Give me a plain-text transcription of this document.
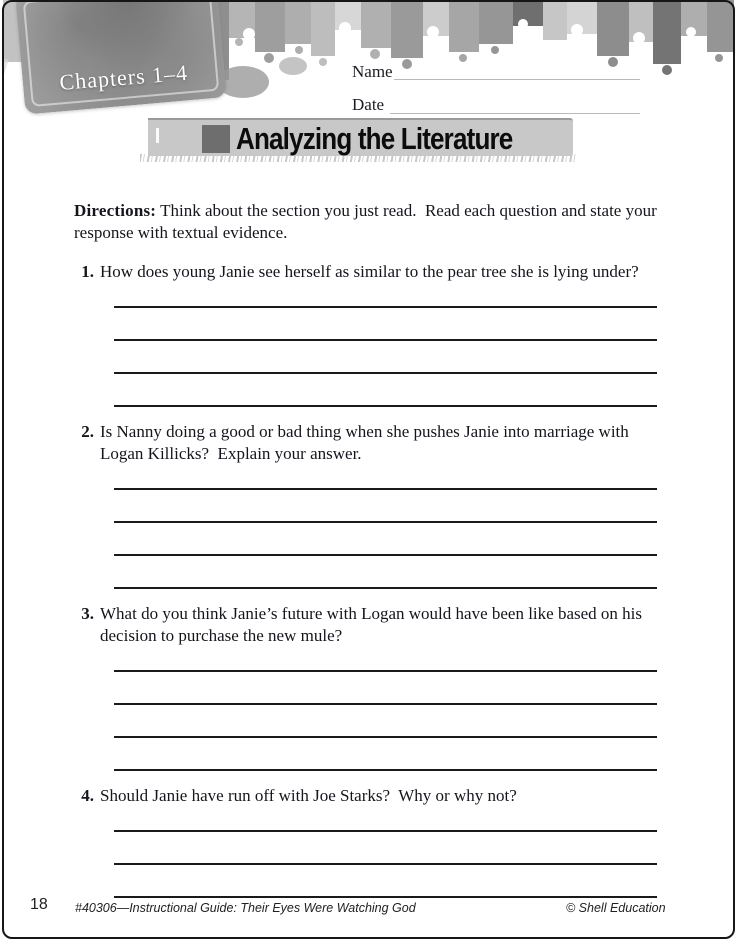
Chapters 1–4	Name
Date
Analyzing the Literature

Directions: Think about the section you just read.  Read each question and state your response with textual evidence.

1. How does young Janie see herself as similar to the pear tree she is lying under?
2. Is Nanny doing a good or bad thing when she pushes Janie into marriage with Logan Killicks?  Explain your answer.
3. What do you think Janie’s future with Logan would have been like based on his decision to purchase the new mule?
4. Should Janie have run off with Joe Starks?  Why or why not?
18 #40306—Instructional Guide: Their Eyes Were Watching God	© Shell Education
